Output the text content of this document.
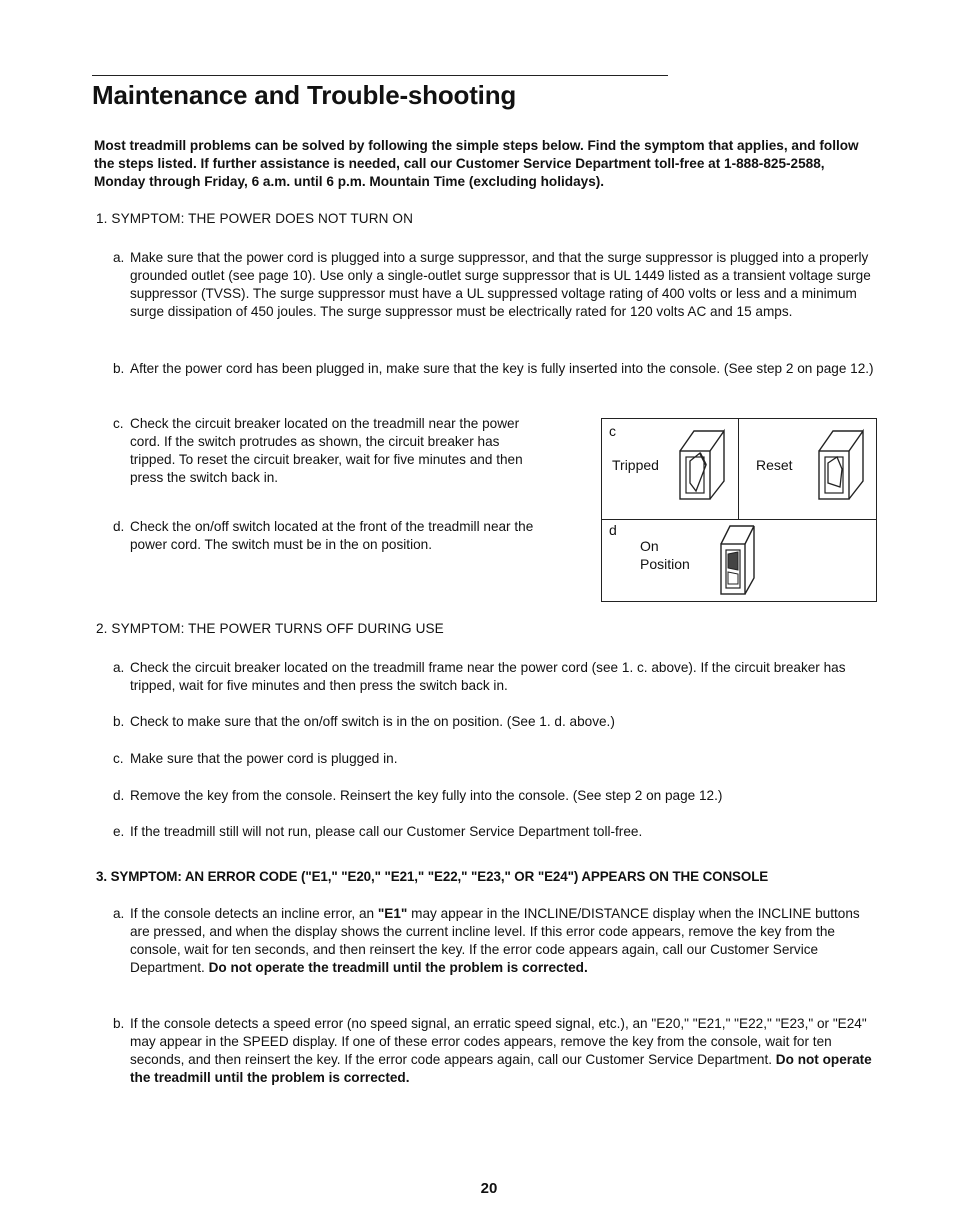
Maintenance and Trouble-shooting
Most treadmill problems can be solved by following the simple steps below. Find the symptom that applies, and follow the steps listed. If further assistance is needed, call our Customer Service Department toll-free at 1-888-825-2588, Monday through Friday, 6 a.m. until 6 p.m. Mountain Time (excluding holidays).
1. SYMPTOM: THE POWER DOES NOT TURN ON
a. Make sure that the power cord is plugged into a surge suppressor, and that the surge suppressor is plugged into a properly grounded outlet (see page 10). Use only a single-outlet surge suppressor that is UL 1449 listed as a transient voltage surge suppressor (TVSS). The surge suppressor must have a UL suppressed voltage rating of 400 volts or less and a minimum surge dissipation of 450 joules. The surge suppressor must be electrically rated for 120 volts AC and 15 amps.
b. After the power cord has been plugged in, make sure that the key is fully inserted into the console. (See step 2 on page 12.)
c. Check the circuit breaker located on the treadmill near the power cord. If the switch protrudes as shown, the circuit breaker has tripped. To reset the circuit breaker, wait for five minutes and then press the switch back in.
d. Check the on/off switch located at the front of the treadmill near the power cord. The switch must be in the on position.
c
Tripped	Reset
d
On
Position
2. SYMPTOM: THE POWER TURNS OFF DURING USE
a. Check the circuit breaker located on the treadmill frame near the power cord (see 1. c. above). If the circuit breaker has tripped, wait for five minutes and then press the switch back in.
b. Check to make sure that the on/off switch is in the on position. (See 1. d. above.)
c. Make sure that the power cord is plugged in.
d. Remove the key from the console. Reinsert the key fully into the console. (See step 2 on page 12.)
e. If the treadmill still will not run, please call our Customer Service Department toll-free.
3. SYMPTOM: AN ERROR CODE ("E1," "E20," "E21," "E22," "E23," OR "E24") APPEARS ON THE CONSOLE
a. If the console detects an incline error, an "E1" may appear in the INCLINE/DISTANCE display when the INCLINE buttons are pressed, and when the display shows the current incline level. If this error code appears, remove the key from the console, wait for ten seconds, and then reinsert the key. If the error code appears again, call our Customer Service Department. Do not operate the treadmill until the problem is corrected.
b. If the console detects a speed error (no speed signal, an erratic speed signal, etc.), an "E20," "E21," "E22," "E23," or "E24" may appear in the SPEED display. If one of these error codes appears, remove the key from the console, wait for ten seconds, and then reinsert the key. If the error code appears again, call our Customer Service Department. Do not operate the treadmill until the problem is corrected.
20
